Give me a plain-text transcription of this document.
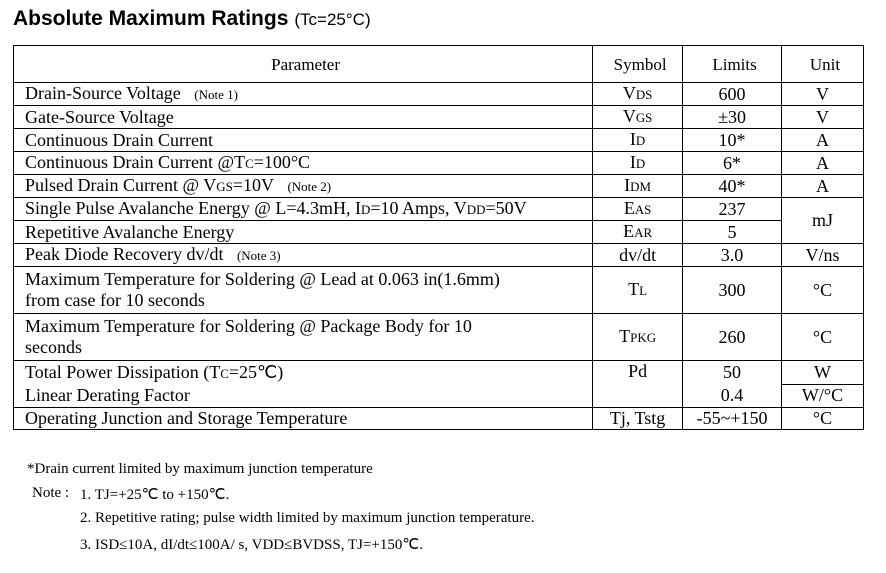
Absolute Maximum Ratings (Tc=25°C)
Parameter	Symbol	Limits	Unit
Drain-Source Voltage (Note 1)	VDS	600	V
Gate-Source Voltage	VGS	±30	V
Continuous Drain Current	ID	10*	A
Continuous Drain Current @TC=100°C	ID	6*	A
Pulsed Drain Current @ VGS=10V (Note 2)	IDM	40*	A
Single Pulse Avalanche Energy @ L=4.3mH, ID=10 Amps, VDD=50V	EAS	237	mJ
Repetitive Avalanche Energy	EAR	5	
Peak Diode Recovery dv/dt (Note 3)	dv/dt	3.0	V/ns
Maximum Temperature for Soldering @ Lead at 0.063 in(1.6mm)
from case for 10 seconds	TL	300	°C
Maximum Temperature for Soldering @ Package Body for 10
seconds	TPKG	260	°C
Total Power Dissipation (TC=25℃)	Pd	50	W
Linear Derating Factor		0.4	W/°C
Operating Junction and Storage Temperature	Tj, Tstg	-55~+150	°C
*Drain current limited by maximum junction temperature
Note : 1. TJ=+25℃ to +150℃.
2. Repetitive rating; pulse width limited by maximum junction temperature.
3. ISD≤10A, dI/dt≤100A/ s, VDD≤BVDSS, TJ=+150℃.
